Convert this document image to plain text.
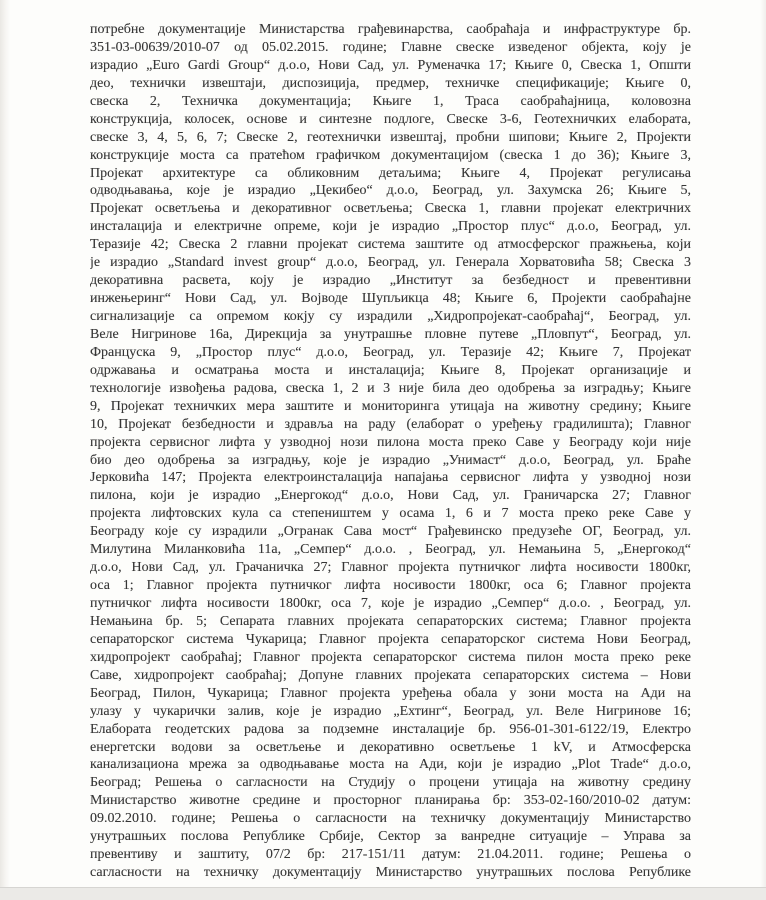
потребне документације Министарства грађевинарства, саобраћаја и инфраструктуре бр.
351-03-00639/2010-07 од 05.02.2015. године; Главне свеске изведеног објекта, коју је
израдио „Euro Gardi Group“ д.о.о, Нови Сад, ул. Руменачка 17; Књиге 0, Свеска 1, Општи
део, технички извештаји, диспозиција, предмер, техничке спецификације; Књиге 0,
свеска 2, Техничка документација; Књиге 1, Траса саобраћајница, коловозна
конструкција, колосек, основе и синтезне подлоге, Свеске 3-6, Геотехничких елабората,
свеске 3, 4, 5, 6, 7; Свеске 2, геотехнички извештај, пробни шипови; Књиге 2, Пројекти
конструкције моста са пратећом графичком документацијом (свеска 1 до 36); Књиге 3,
Пројекат архитектуре са обликовним детаљима; Књиге 4, Пројекат регулисања
одводњавања, које је израдио „Цекибео“ д.о.о, Београд, ул. Захумска 26; Књиге 5,
Пројекат осветљења и декоративног осветљења; Свеска 1, главни пројекат електричних
инсталација и електричне опреме, који је израдио „Простор плус“ д.о.о, Београд, ул.
Теразије 42; Свеска 2 главни пројекат система заштите од атмосферског пражњења, који
је израдио „Standard invest group“ д.о.о, Београд, ул. Генерала Хорватовића 58; Свеска 3
декоративна расвета, коју је израдио „Институт за безбедност и превентивни
инжењеринг“ Нови Сад, ул. Војводе Шупљикца 48; Књиге 6, Пројекти саобраћајне
сигнализације са опремом кокју су израдили „Хидропројекат-саобраћај“, Београд, ул.
Веле Нигринове 16а, Дирекција за унутрашње пловне путеве „Пловпут“, Београд, ул.
Француска 9, „Простор плус“ д.о.о, Београд, ул. Теразије 42; Књиге 7, Пројекат
одржавања и осматрања моста и инсталација; Књиге 8, Пројекат организације и
технологије извођења радова, свеска 1, 2 и 3 није била део одобрења за изградњу; Књиге
9, Пројекат техничких мера заштите и мониторинга утицаја на животну средину; Књиге
10, Пројекат безбедности и здравља на раду (елаборат о уређењу градилишта); Главног
пројекта сервисног лифта у узводној нози пилона моста преко Саве у Београду који није
био део одобрења за изградњу, које је израдио „Унимаст“ д.о.о, Београд, ул. Браће
Јерковића 147; Пројекта електроинсталација напајања сервисног лифта у узводној нози
пилона, који је израдио „Енергокод“ д.о.о, Нови Сад, ул. Граничарска 27; Главног
пројекта лифтовских кула са степеништем у осама 1, 6 и 7 моста преко реке Саве у
Београду које су израдили „Огранак Сава мост“ Грађевинско предузеће ОГ, Београд, ул.
Милутина Миланковића 11а, „Семпер“ д.о.о. , Београд, ул. Немањина 5, „Енергокод“
д.о.о, Нови Сад, ул. Грачаничка 27; Главног пројекта путничког лифта носивости 1800кг,
оса 1; Главног пројекта путничког лифта носивости 1800кг, оса 6; Главног пројекта
путничког лифта носивости 1800кг, оса 7, које је израдио „Семпер“ д.о.о. , Београд, ул.
Немањина бр. 5; Сепарата главних пројеката сепараторских система; Главног пројекта
сепараторског система Чукарица; Главног пројекта сепараторског система Нови Београд,
хидропројект саобраћај; Главног пројекта сепараторског система пилон моста преко реке
Саве, хидропројект саобраћај; Допуне главних пројеката сепараторских система – Нови
Београд, Пилон, Чукарица; Главног пројекта уређења обала у зони моста на Ади на
улазу у чукарички залив, које је израдио „Ехтинг“, Београд, ул. Веле Нигринове 16;
Елабората геодетских радова за подземне инсталације бр. 956-01-301-6122/19, Електро
енергетски водови за осветљење и декоративно осветљење 1 kV, и Атмосферска
канализациона мрежа за одводњавање моста на Ади, који је израдио „Plot Trade“ д.о.о,
Београд; Решења о сагласности на Студију о процени утицаја на животну средину
Министарство животне средине и просторног планирања бр: 353-02-160/2010-02 датум:
09.02.2010. године; Решења о сагласности на техничку документацију Министарство
унутрашњих послова Републике Србије, Сектор за ванредне ситуације – Управа за
превентиву и заштиту, 07/2 бр: 217-151/11 датум: 21.04.2011. године; Решења о
сагласности на техничку документацију Министарство унутрашњих послова Републике
